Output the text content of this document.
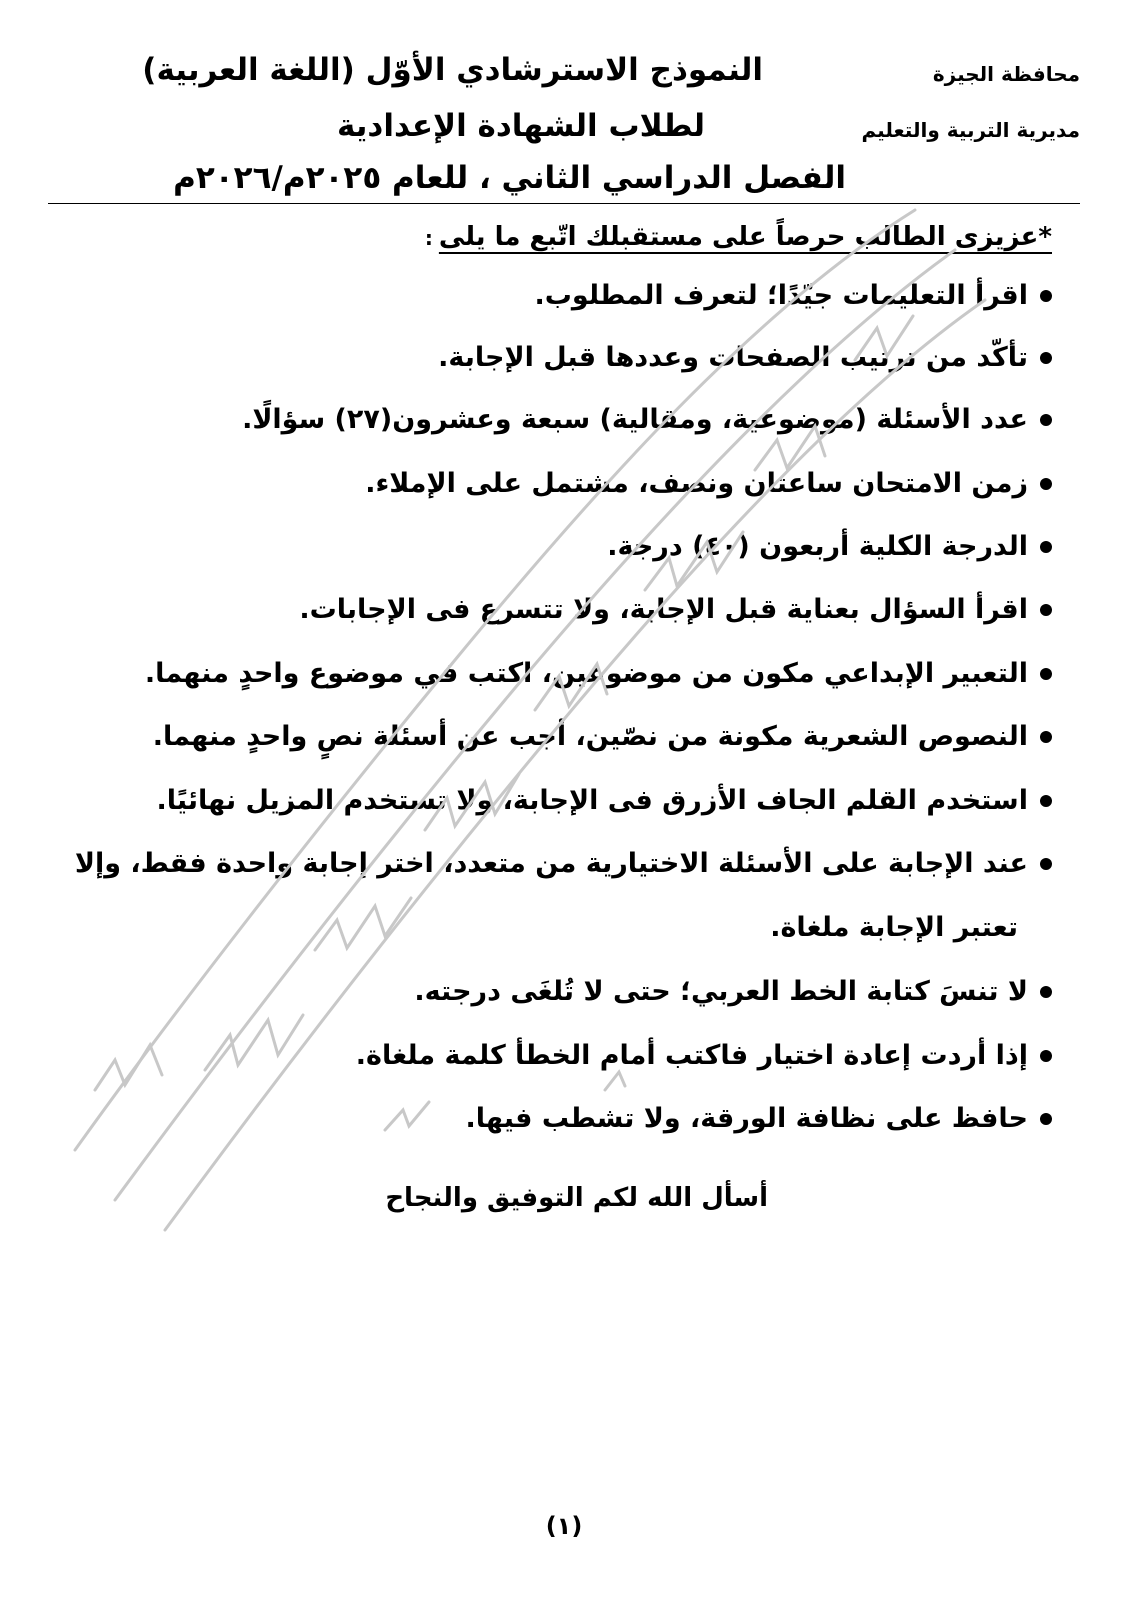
محافظة الجيزة
مديرية التربية والتعليم
النموذج الاسترشادي الأوّل (اللغة العربية)
لطلاب الشهادة الإعدادية
الفصل الدراسي الثاني ، للعام ٢٠٢٥م/٢٠٢٦م
*عزيزى الطالب حرصاً على مستقبلك اتّبع ما يلى:
اقرأ التعليمات جيّدًا؛ لتعرف المطلوب.
تأكّد من ترتيب الصفحات وعددها قبل الإجابة.
عدد الأسئلة (موضوعية، ومقالية) سبعة وعشرون(٢٧) سؤالًا.
زمن الامتحان ساعتان ونصف، مشتمل على الإملاء.
الدرجة الكلية أربعون (٤٠) درجة.
اقرأ السؤال بعناية قبل الإجابة، ولا تتسرع فى الإجابات.
التعبير الإبداعي مكون من موضوعين، اكتب في موضوع واحدٍ منهما.
النصوص الشعرية مكونة من نصّين، أجب عن أسئلة نصٍ واحدٍ منهما.
استخدم القلم الجاف الأزرق فى الإجابة، ولا تستخدم المزيل نهائيًا.
عند الإجابة على الأسئلة الاختيارية من متعدد، اختر إجابة واحدة فقط، وإلا
لا تنسَ كتابة الخط العربي؛ حتى لا تُلغَى درجته.
إذا أردت إعادة اختيار فاكتب أمام الخطأ كلمة ملغاة.
حافظ على نظافة الورقة، ولا تشطب فيها.
تعتبر الإجابة ملغاة.
أسأل الله لكم التوفيق والنجاح
(١)
